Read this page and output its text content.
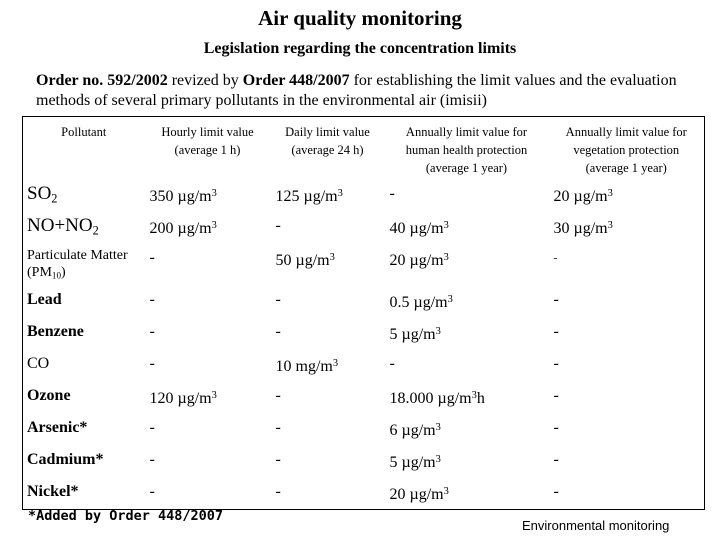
Air quality monitoring
Legislation regarding the concentration limits
Order no. 592/2002 revized by Order 448/2007 for establishing the limit values and the evaluation methods of several primary pollutants in the environmental air (imisii)
Pollutant	Hourly limit value (average 1 h)	Daily limit value (average 24 h)	Annually limit value for human health protection (average 1 year)	Annually limit value for vegetation protection (average 1 year)
$SO_2$	350 $\mu g/m^3$	125 $\mu g/m^3$	-	20 $\mu g/m^3$
$NO+NO_2$	200 $\mu g/m^3$	-	40 $\mu g/m^3$	30 $\mu g/m^3$
Particulate Matter $(PM_{10})$	-	50 $\mu g/m^3$	20 $\mu g/m^3$	-
Lead	-	-	0.5 $\mu g/m^3$	-
Benzene	-	-	5 $\mu g/m^3$	-
CO	-	10 $mg/m^3$	-	-
Ozone	120 $\mu g/m^3$	-	18.000 $\mu g/m^3h$	-
Arsenic*	-	-	6 $\mu g/m^3$	-
Cadmium*	-	-	5 $\mu g/m^3$	-
Nickel*	-	-	20 $\mu g/m^3$	-
*Added by Order 448/2007
Environmental monitoring
